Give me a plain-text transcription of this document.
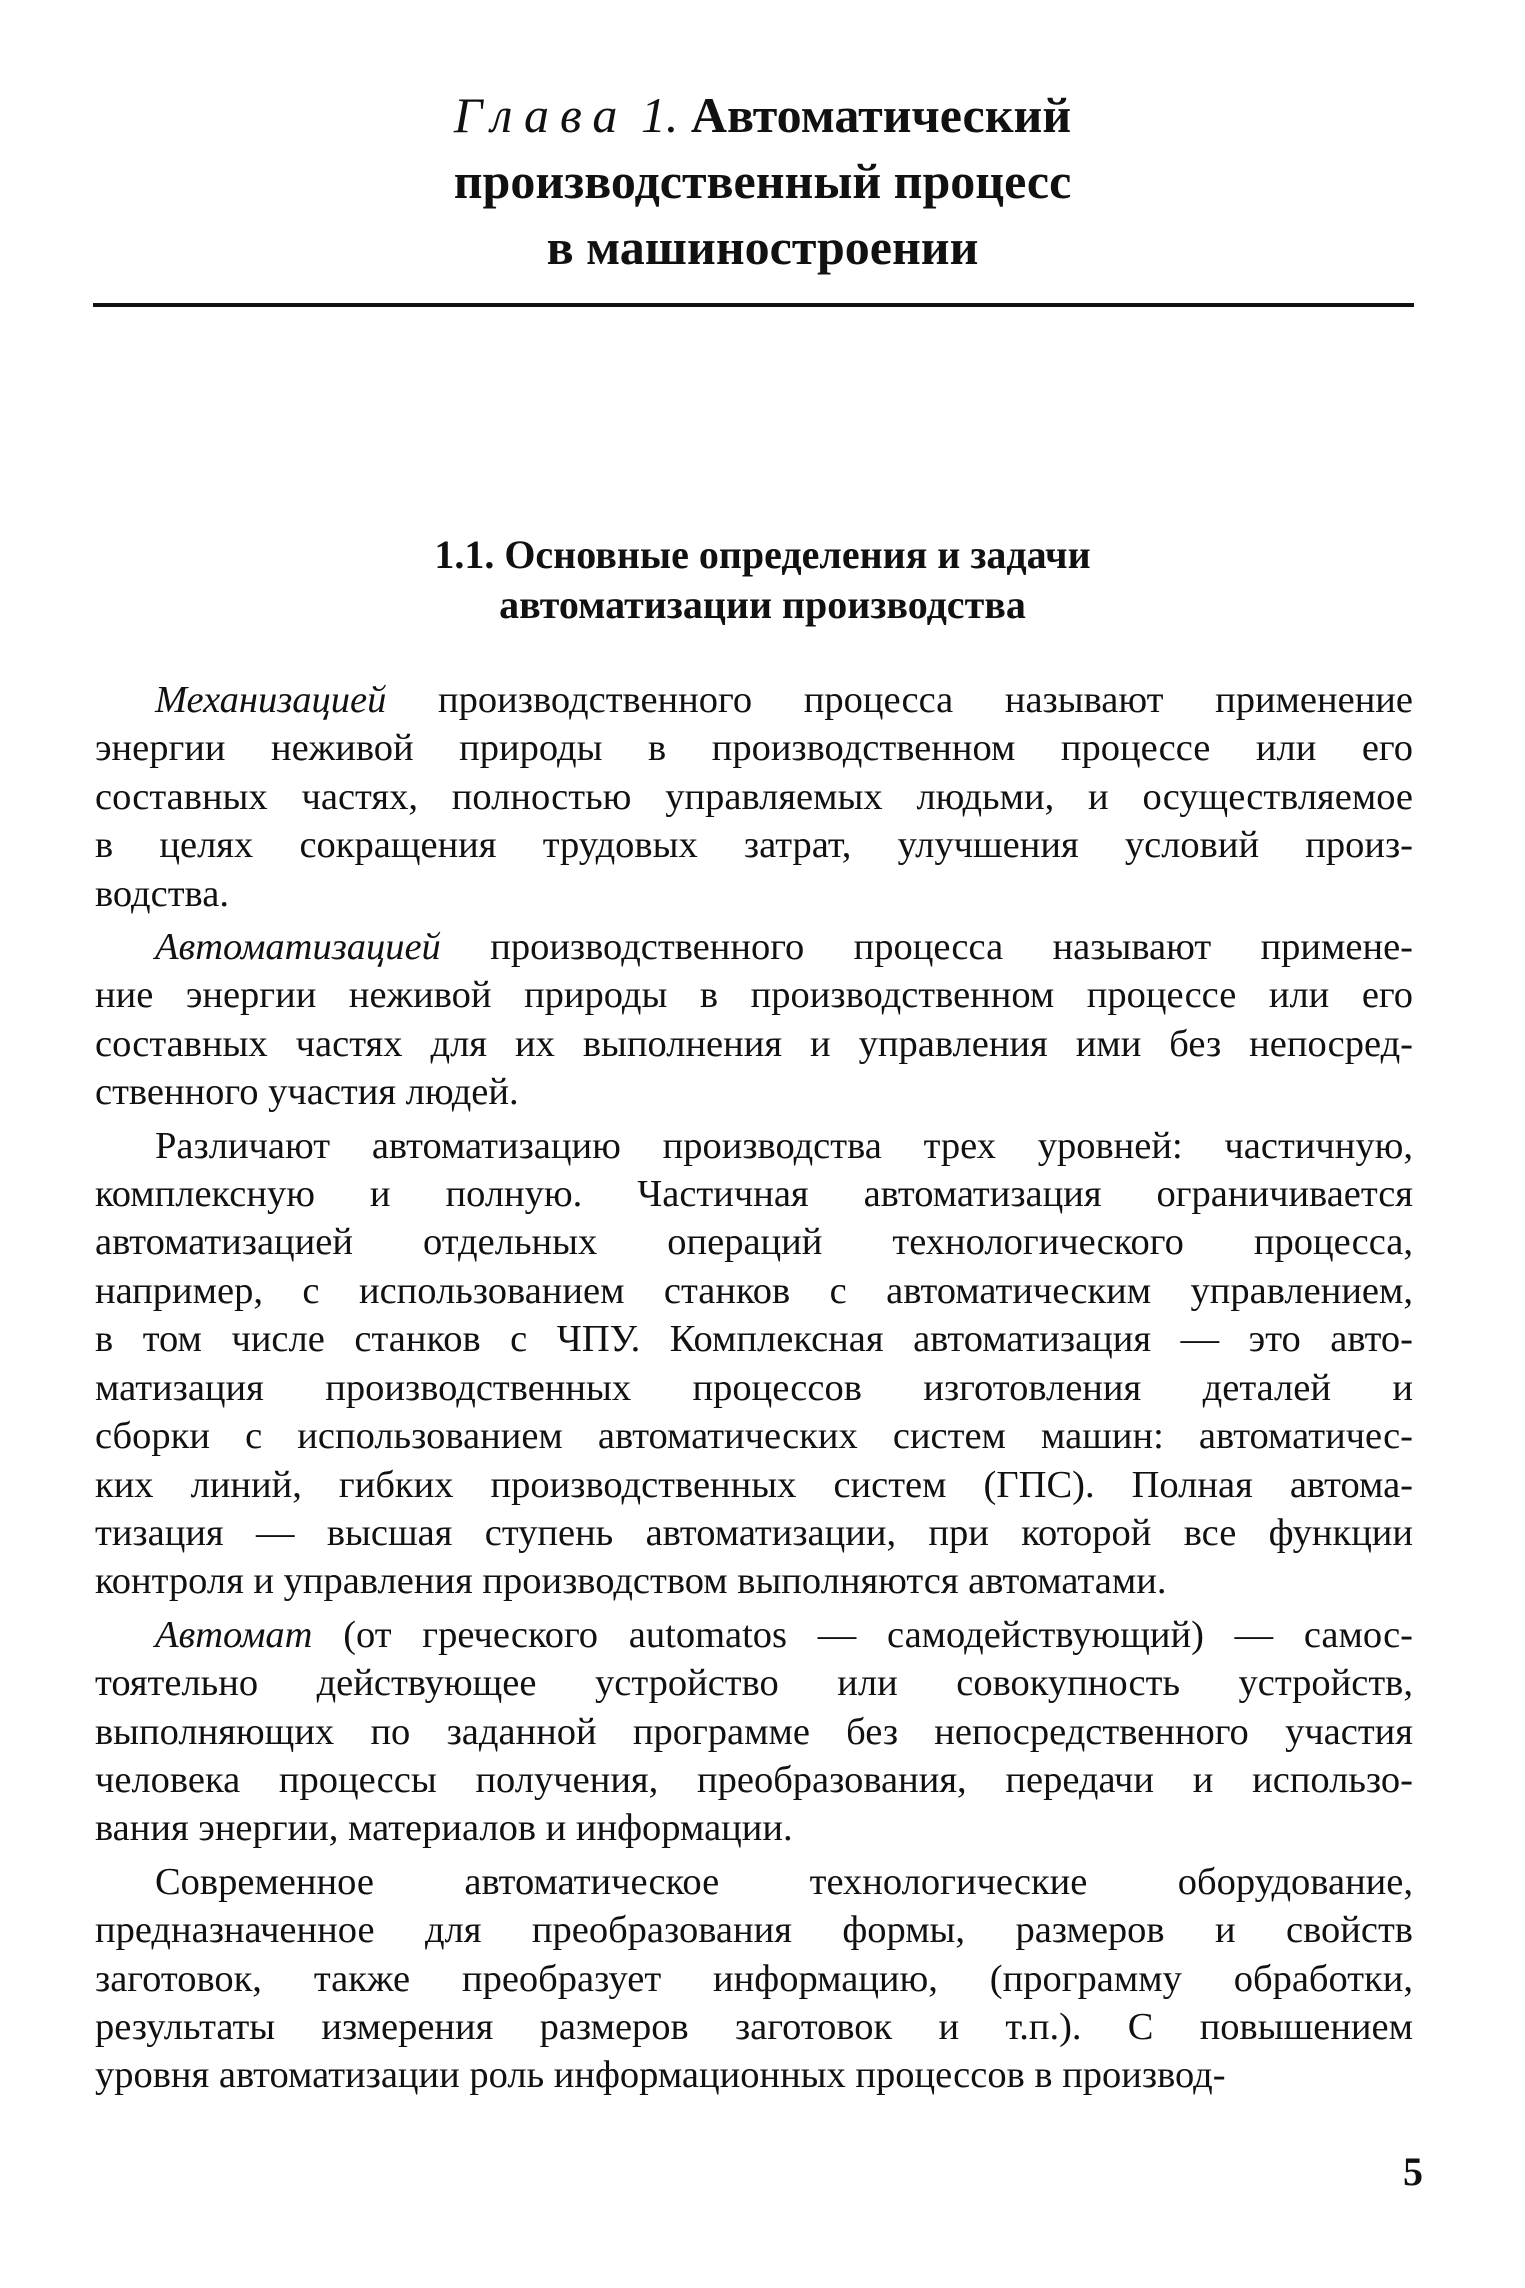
Глава 1. Автоматический
производственный процесс
в машиностроении
1.1. Основные определения и задачи
автоматизации производства
Механизацией производственного процесса называют применение
энергии неживой природы в производственном процессе или его
составных частях, полностью управляемых людьми, и осуществляемое
в целях сокращения трудовых затрат, улучшения условий произ-
водства.
Автоматизацией производственного процесса называют примене-
ние энергии неживой природы в производственном процессе или его
составных частях для их выполнения и управления ими без непосред-
ственного участия людей.
Различают автоматизацию производства трех уровней: частичную,
комплексную и полную. Частичная автоматизация ограничивается
автоматизацией отдельных операций технологического процесса,
например, с использованием станков с автоматическим управлением,
в том числе станков с ЧПУ. Комплексная автоматизация — это авто-
матизация производственных процессов изготовления деталей и
сборки с использованием автоматических систем машин: автоматичес-
ких линий, гибких производственных систем (ГПС). Полная автома-
тизация — высшая ступень автоматизации, при которой все функции
контроля и управления производством выполняются автоматами.
Автомат (от греческого automatos — самодействующий) — самос-
тоятельно действующее устройство или совокупность устройств,
выполняющих по заданной программе без непосредственного участия
человека процессы получения, преобразования, передачи и использо-
вания энергии, материалов и информации.
Современное автоматическое технологические оборудование,
предназначенное для преобразования формы, размеров и свойств
заготовок, также преобразует информацию, (программу обработки,
результаты измерения размеров заготовок и т.п.). С повышением
уровня автоматизации роль информационных процессов в производ-
5
